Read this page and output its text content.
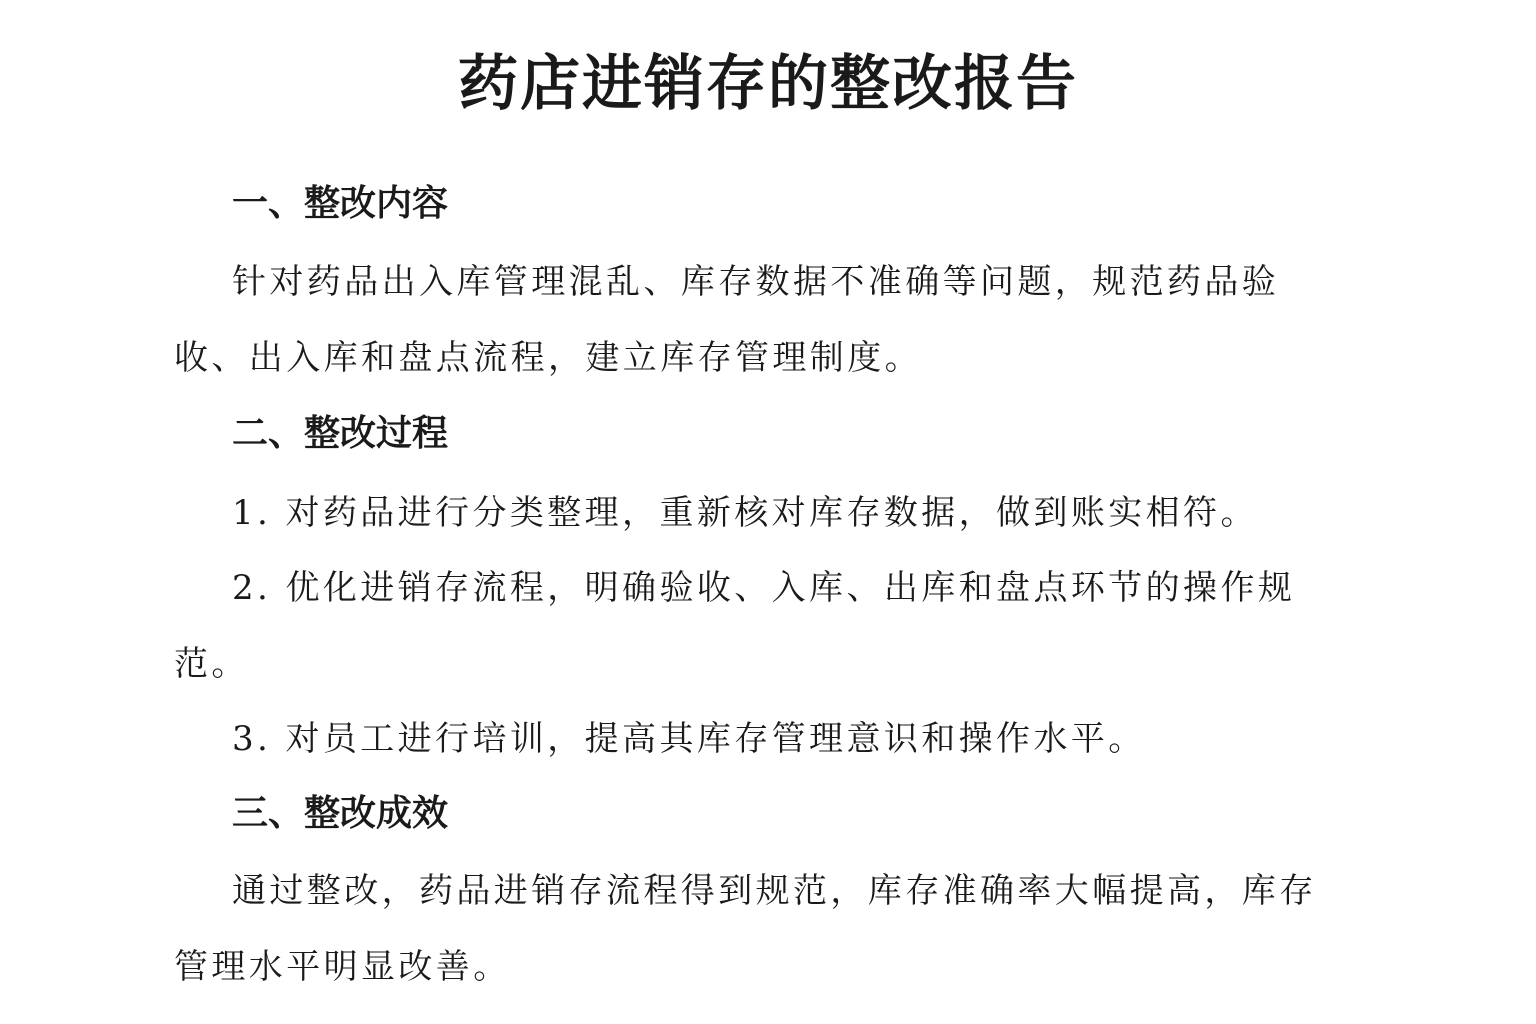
药店进销存的整改报告
一、整改内容

针对药品出入库管理混乱、库存数据不准确等问题，规范药品验收、出入库和盘点流程，建立库存管理制度。

二、整改过程

1. 对药品进行分类整理，重新核对库存数据，做到账实相符。

2. 优化进销存流程，明确验收、入库、出库和盘点环节的操作规范。

3. 对员工进行培训，提高其库存管理意识和操作水平。

三、整改成效

通过整改，药品进销存流程得到规范，库存准确率大幅提高，库存管理水平明显改善。
